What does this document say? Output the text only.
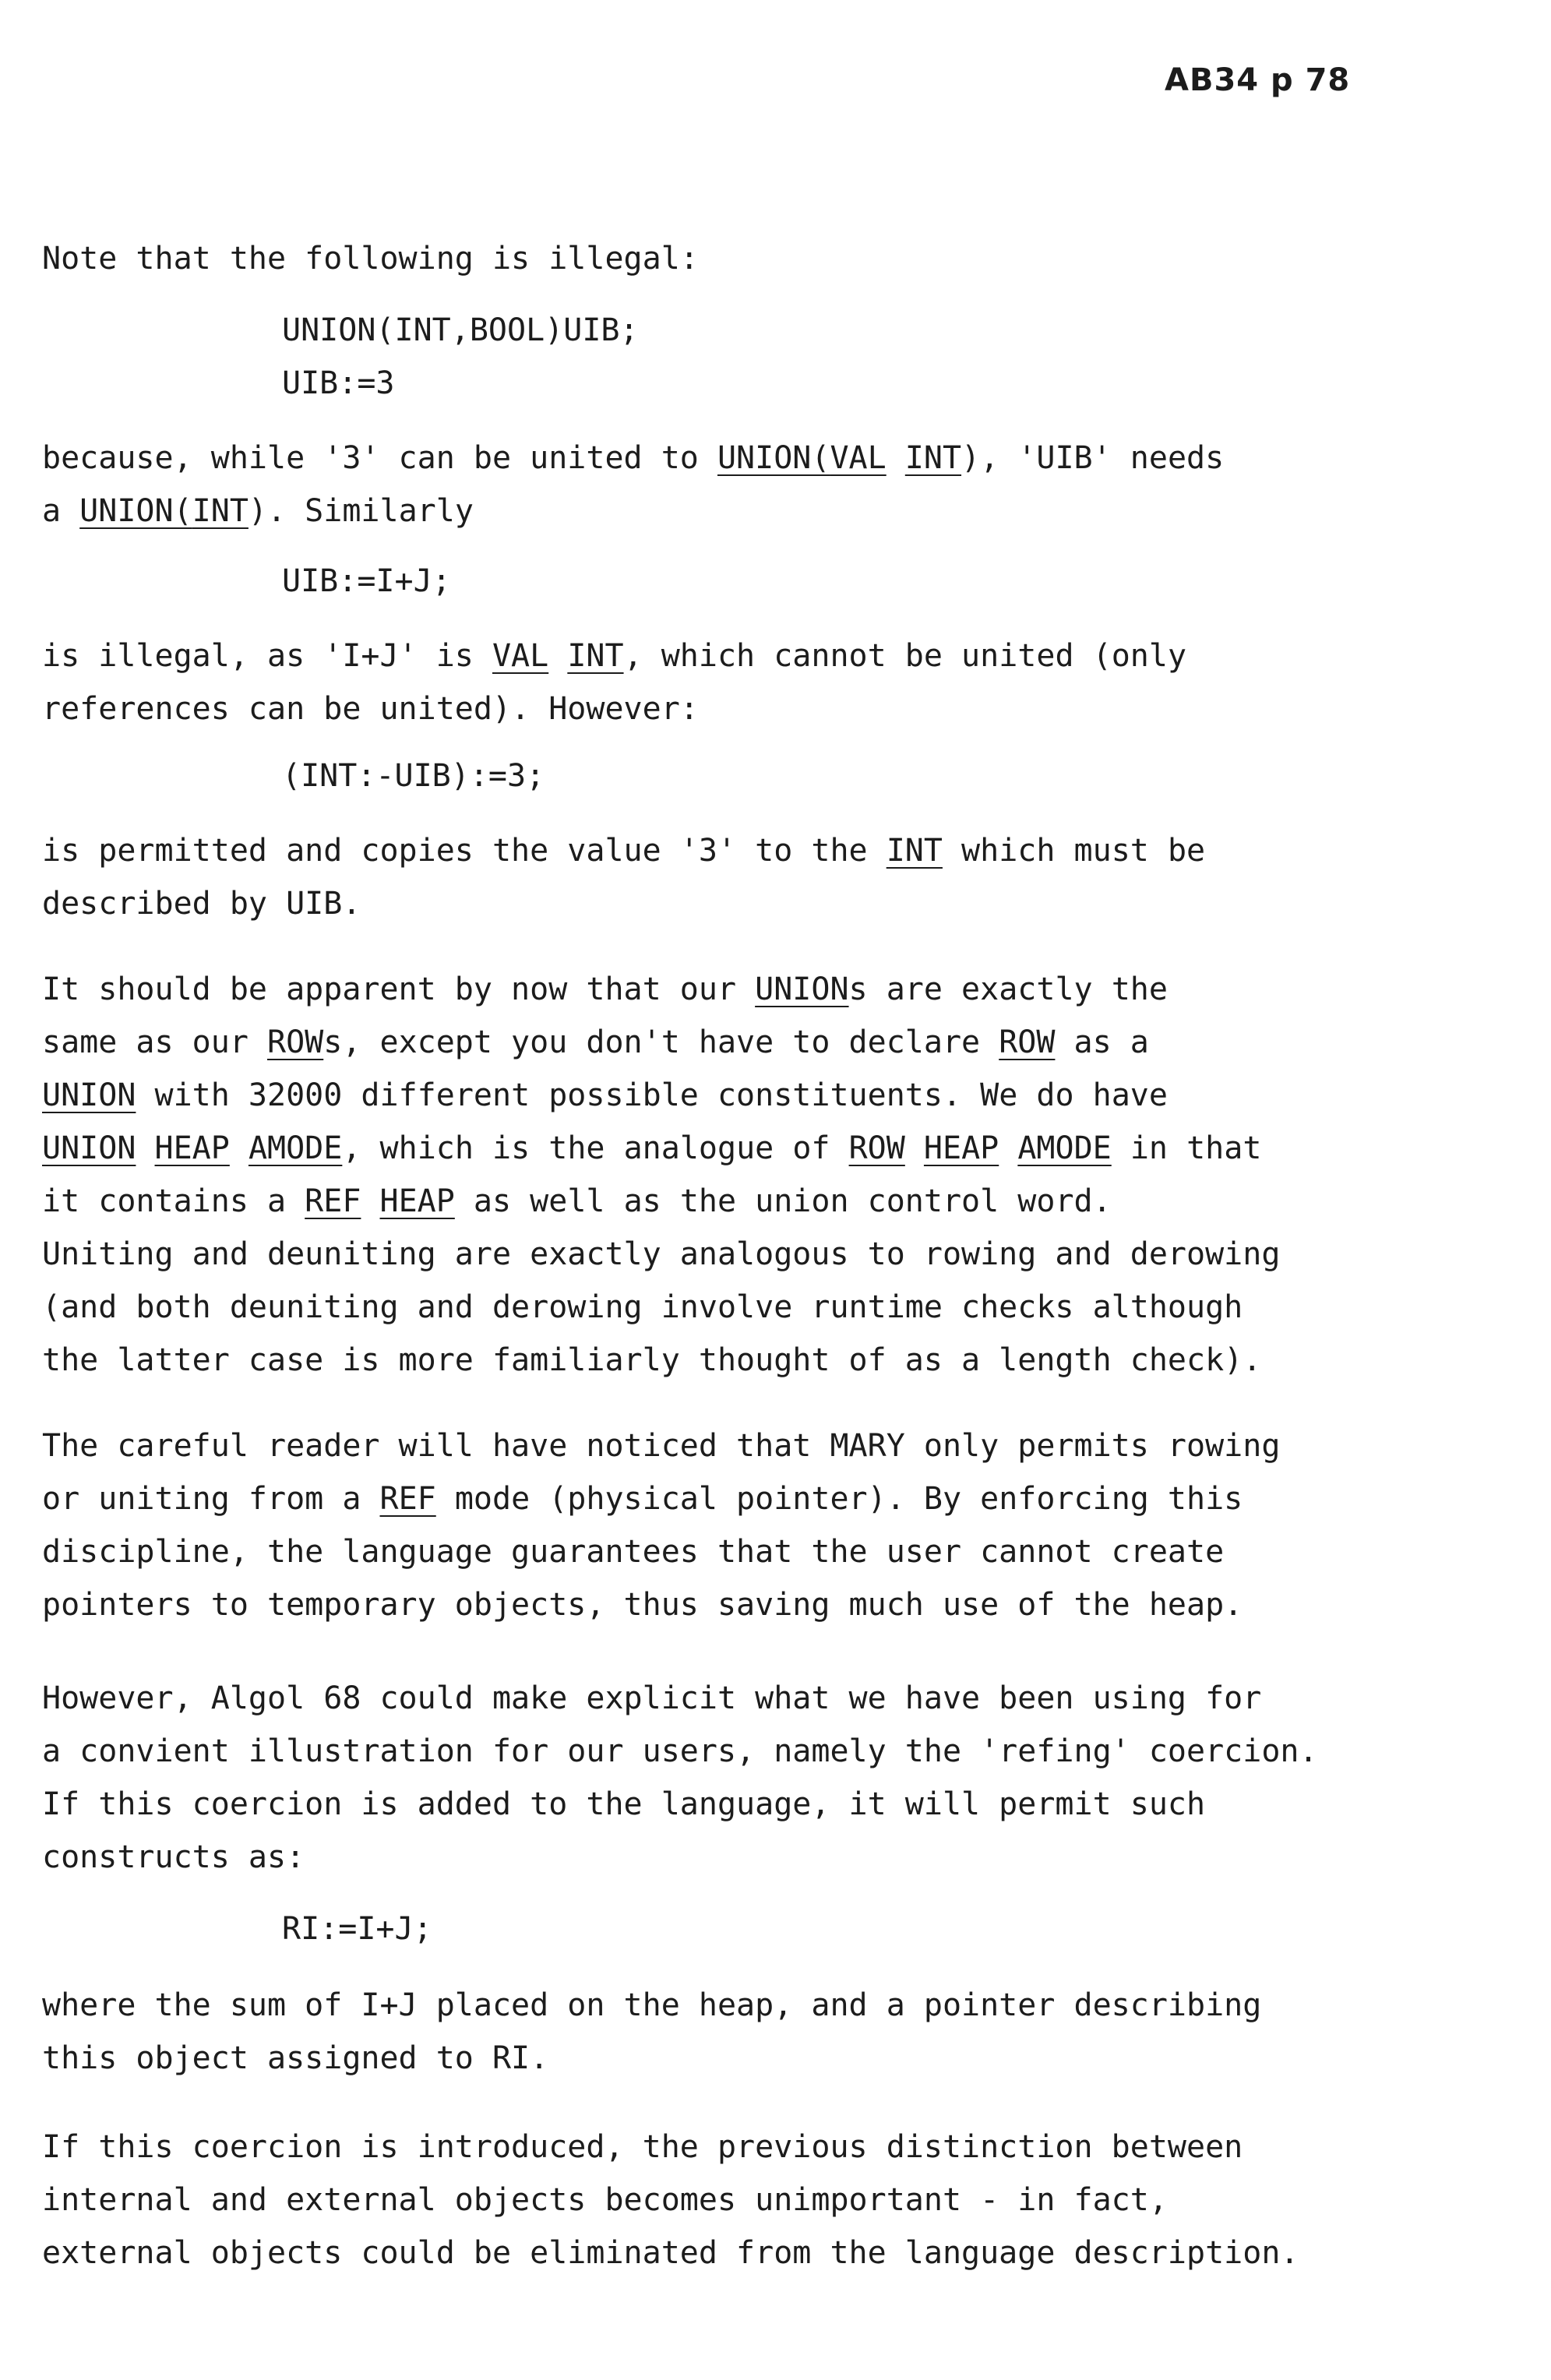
AB34 p 78
Note that the following is illegal:
UNION(INT,BOOL)UIB;
UIB:=3
because, while '3' can be united to UNION(VAL INT), 'UIB' needs
a UNION(INT). Similarly
UIB:=I+J;
is illegal, as 'I+J' is VAL INT, which cannot be united (only
references can be united). However:
(INT:-UIB):=3;
is permitted and copies the value '3' to the INT which must be
described by UIB.
It should be apparent by now that our UNIONs are exactly the
same as our ROWs, except you don't have to declare ROW as a
UNION with 32000 different possible constituents. We do have
UNION HEAP AMODE, which is the analogue of ROW HEAP AMODE in that
it contains a REF HEAP as well as the union control word.
Uniting and deuniting are exactly analogous to rowing and derowing
(and both deuniting and derowing involve runtime checks although
the latter case is more familiarly thought of as a length check).
The careful reader will have noticed that MARY only permits rowing
or uniting from a REF mode (physical pointer). By enforcing this
discipline, the language guarantees that the user cannot create
pointers to temporary objects, thus saving much use of the heap.
However, Algol 68 could make explicit what we have been using for
a convient illustration for our users, namely the 'refing' coercion.
If this coercion is added to the language, it will permit such
constructs as:
RI:=I+J;
where the sum of I+J placed on the heap, and a pointer describing
this object assigned to RI.
If this coercion is introduced, the previous distinction between
internal and external objects becomes unimportant - in fact,
external objects could be eliminated from the language description.
